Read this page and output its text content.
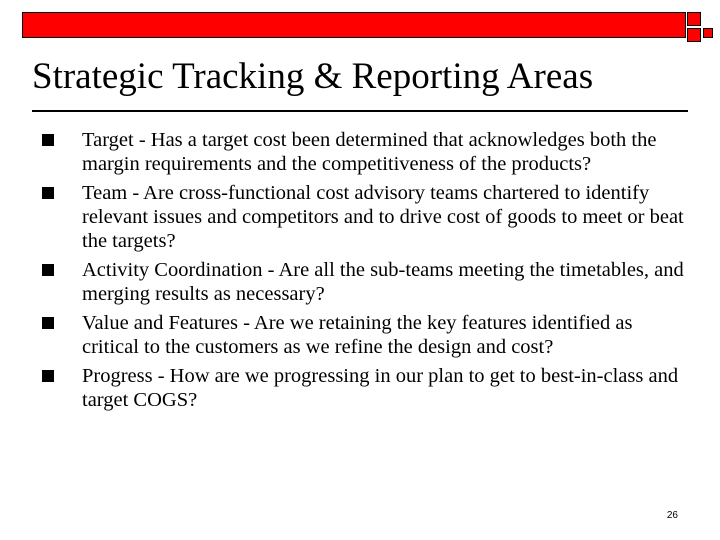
Strategic Tracking & Reporting Areas
Target - Has a target cost been determined that acknowledges both the margin requirements and the competitiveness of the products?
Team - Are cross-functional cost advisory teams chartered to identify relevant issues and competitors and to drive cost of goods to meet or beat the targets?
Activity Coordination - Are all the sub-teams meeting the timetables, and merging results as necessary?
Value and Features - Are we retaining the key features identified as critical to the customers as we refine the design and cost?
Progress - How are we progressing in our plan to get to best-in-class and target COGS?
26
